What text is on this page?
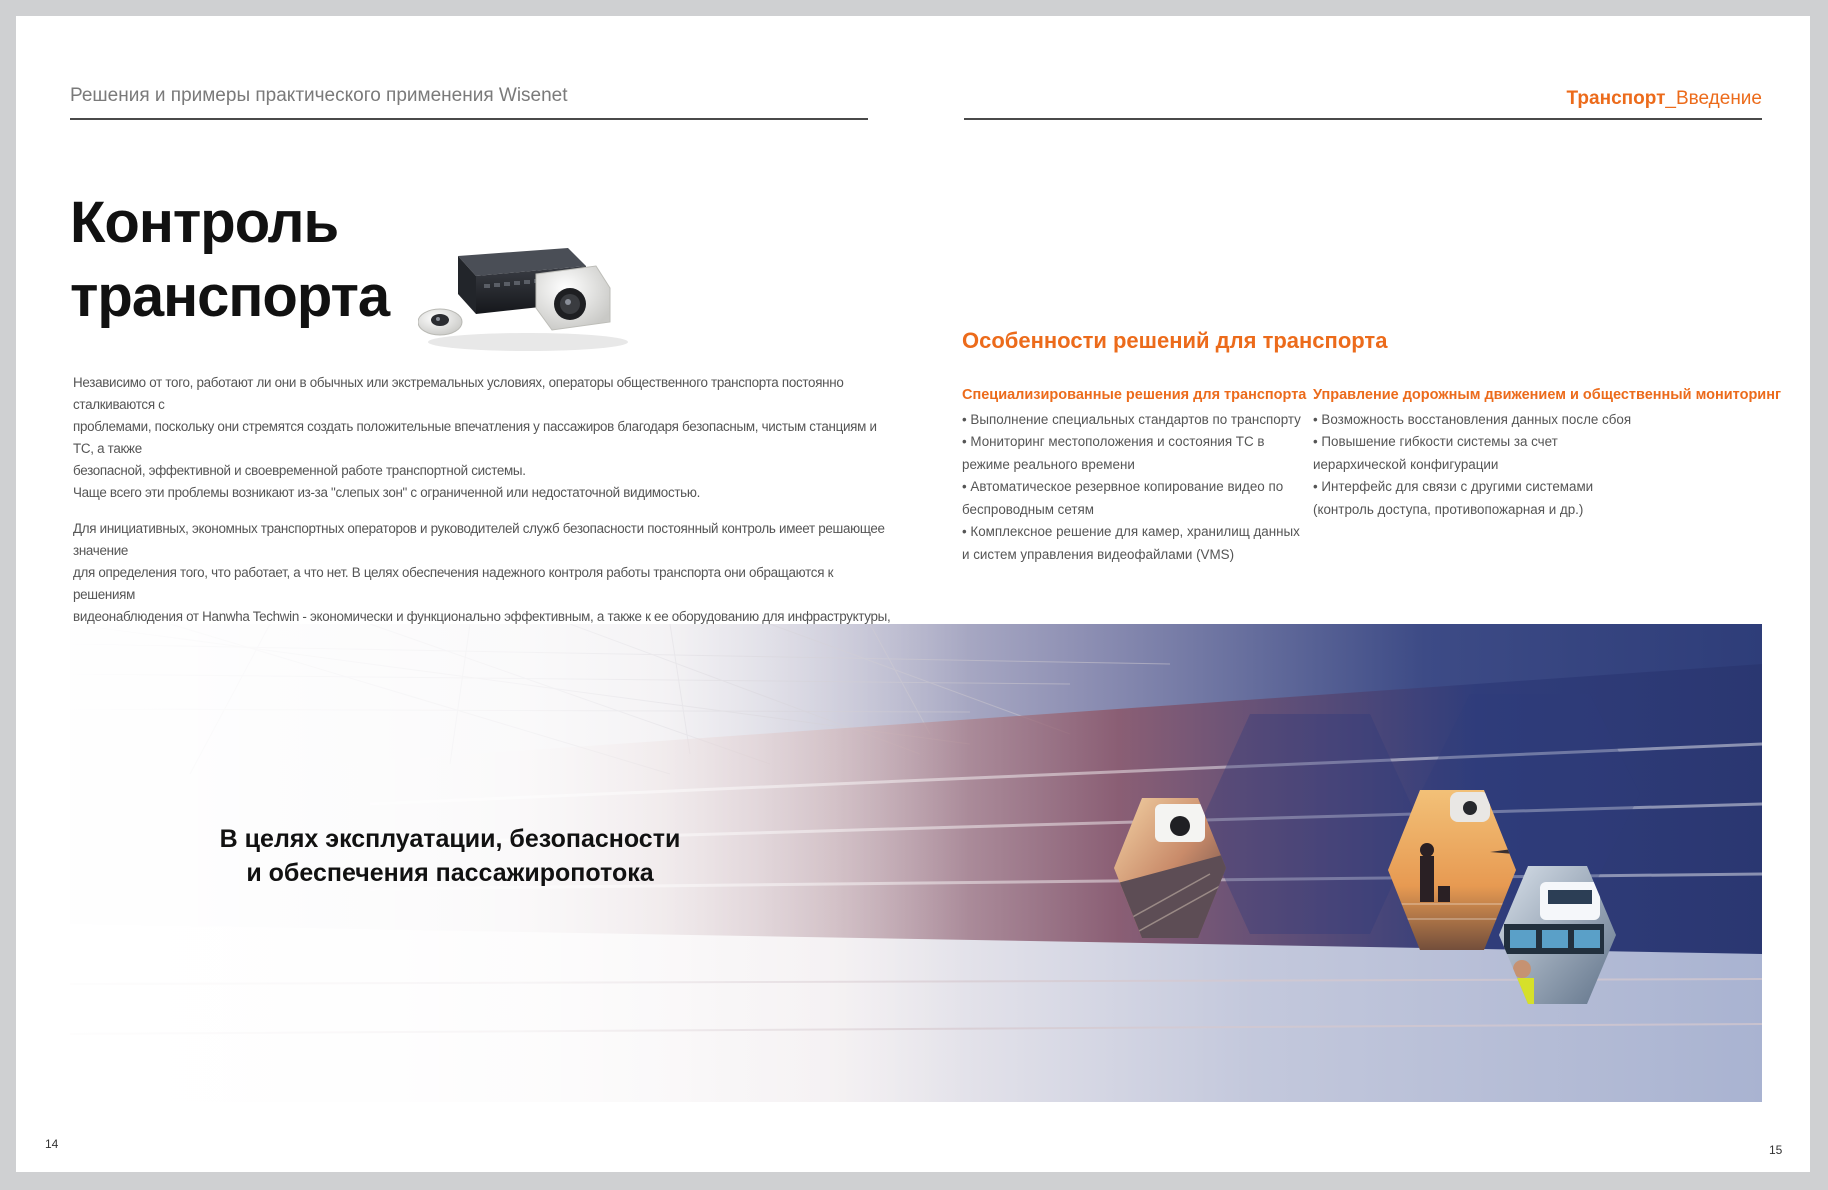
Решения и примеры практического применения Wisenet	Транспорт_Введение
Контроль
транспорта

Независимо от того, работают ли они в обычных или экстремальных условиях, операторы общественного транспорта постоянно сталкиваются с
проблемами, поскольку они стремятся создать положительные впечатления у пассажиров благодаря безопасным, чистым станциям и ТС, а также
безопасной, эффективной и своевременной работе транспортной системы.
Чаще всего эти проблемы возникают из-за "слепых зон" с ограниченной или недостаточной видимостью.

Для инициативных, экономных транспортных операторов и руководителей служб безопасности постоянный контроль имеет решающее значение
для определения того, что работает, а что нет. В целях обеспечения надежного контроля работы транспорта они обращаются к решениям
видеонаблюдения от Hanwha Techwin - экономически и функционально эффективным, а также к ее оборудованию для инфраструктуры,

Особенности решений для транспорта
Специализированные решения для транспорта
• Выполнение специальных стандартов по транспорту
• Мониторинг местоположения и состояния ТС в режиме реального времени
• Автоматическое резервное копирование видео по беспроводным сетям
• Комплексное решение для камер, хранилищ данных и систем управления видеофайлами (VMS)
Управление дорожным движением и общественный мониторинг
• Возможность восстановления данных после сбоя
• Повышение гибкости системы за счет иерархической конфигурации
• Интерфейс для связи с другими системами (контроль доступа, противопожарная и др.)
В целях эксплуатации, безопасности
и обеспечения пассажиропотока
14	15
